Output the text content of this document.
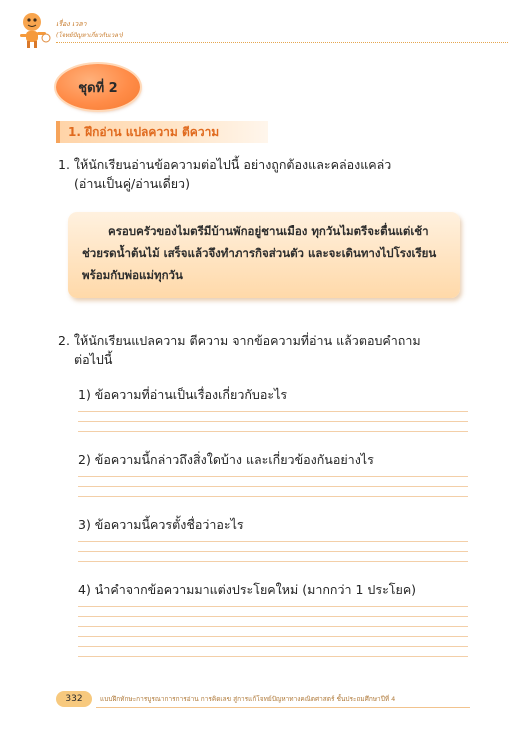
เรื่อง เวลา
(โจทย์ปัญหาเกี่ยวกับเวลา)
ชุดที่ 2
1. ฝึกอ่าน แปลความ ตีความ
1. ให้นักเรียนอ่านข้อความต่อไปนี้ อย่างถูกต้องและคล่องแคล่ว
(อ่านเป็นคู่/อ่านเดี่ยว)
ครอบครัวของไมตรีมีบ้านพักอยู่ชานเมือง ทุกวันไมตรีจะตื่นแต่เช้า ช่วยรดน้ำต้นไม้ เสร็จแล้วจึงทำภารกิจส่วนตัว และจะเดินทางไปโรงเรียนพร้อมกับพ่อแม่ทุกวัน
2. ให้นักเรียนแปลความ ตีความ จากข้อความที่อ่าน แล้วตอบคำถาม
ต่อไปนี้
1) ข้อความที่อ่านเป็นเรื่องเกี่ยวกับอะไร
2) ข้อความนี้กล่าวถึงสิ่งใดบ้าง และเกี่ยวข้องกันอย่างไร
3) ข้อความนี้ควรตั้งชื่อว่าอะไร
4) นำคำจากข้อความมาแต่งประโยคใหม่ (มากกว่า 1 ประโยค)
332	แบบฝึกทักษะการบูรณาการการอ่าน การคิดเลข สู่การแก้โจทย์ปัญหาทางคณิตศาสตร์ ชั้นประถมศึกษาปีที่ 4
